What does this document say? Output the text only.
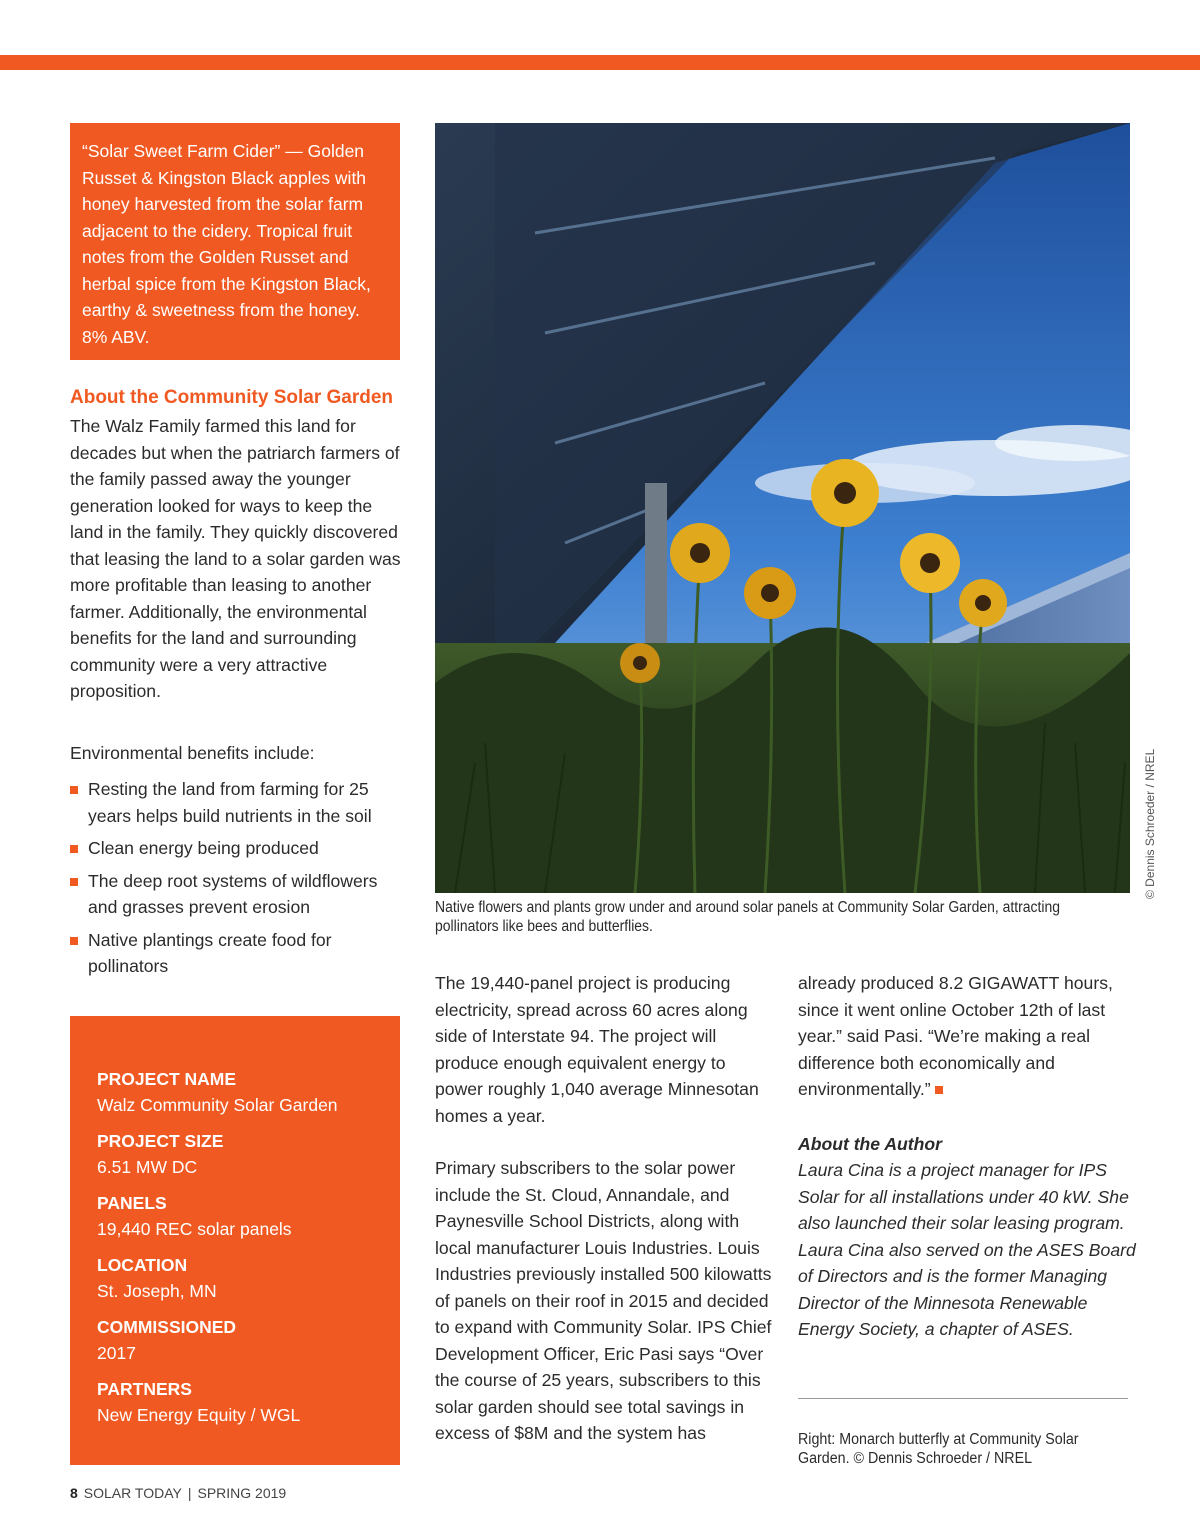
“Solar Sweet Farm Cider” — Golden Russet & Kingston Black apples with honey harvested from the solar farm adjacent to the cidery. Tropical fruit notes from the Golden Russet and herbal spice from the Kingston Black, earthy & sweetness from the honey. 8% ABV.

About the Community Solar Garden

The Walz Family farmed this land for decades but when the patriarch farmers of the family passed away the younger generation looked for ways to keep the land in the family. They quickly discovered that leasing the land to a solar garden was more profitable than leasing to another farmer. Additionally, the environmental benefits for the land and surrounding community were a very attractive proposition.

Environmental benefits include:

Resting the land from farming for 25 years helps build nutrients in the soil
Clean energy being produced
The deep root systems of wildflowers and grasses prevent erosion
Native plantings create food for pollinators
PROJECT NAME
Walz Community Solar Garden
PROJECT SIZE
6.51 MW DC
PANELS
19,440 REC solar panels
LOCATION
St. Joseph, MN
COMMISSIONED
2017
PARTNERS
New Energy Equity / WGL
© Dennis Schroeder / NREL

Native flowers and plants grow under and around solar panels at Community Solar Garden, attracting pollinators like bees and butterflies.

The 19,440-panel project is producing electricity, spread across 60 acres along side of Interstate 94. The project will produce enough equivalent energy to power roughly 1,040 average Minnesotan homes a year.

Primary subscribers to the solar power include the St. Cloud, Annandale, and Paynesville School Districts, along with local manufacturer Louis Industries. Louis Industries previously installed 500 kilowatts of panels on their roof in 2015 and decided to expand with Community Solar. IPS Chief Development Officer, Eric Pasi says “Over the course of 25 years, subscribers to this solar garden should see total savings in excess of $8M and the system has

already produced 8.2 GIGAWATT hours, since it went online October 12th of last year.” said Pasi. “We’re making a real difference both economically and environmentally.”

About the Author

Laura Cina is a project manager for IPS Solar for all installations under 40 kW. She also launched their solar leasing program. Laura Cina also served on the ASES Board of Directors and is the former Managing Director of the Minnesota Renewable Energy Society, a chapter of ASES.

Right: Monarch butterfly at Community Solar Garden. © Dennis Schroeder / NREL

8 SOLAR TODAY | SPRING 2019
